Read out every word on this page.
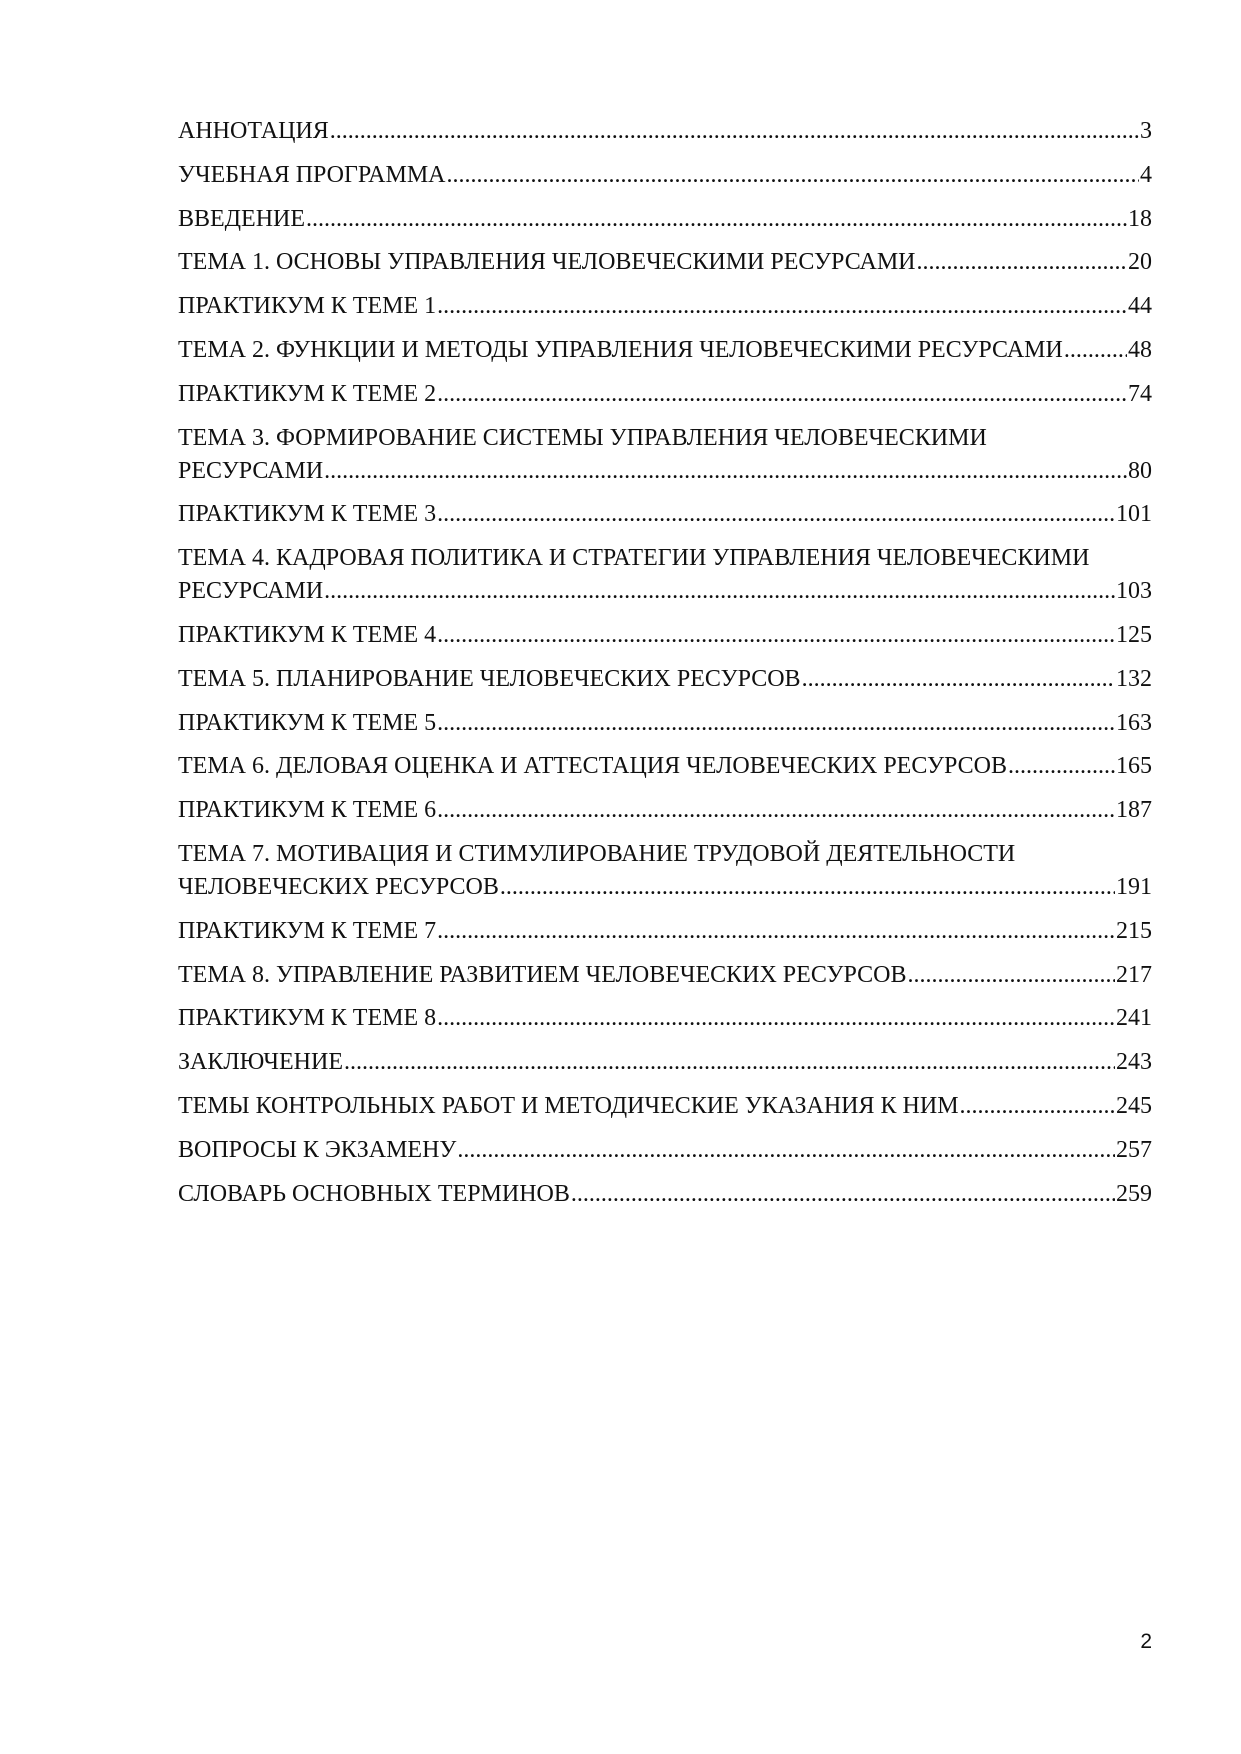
АННОТАЦИЯ .....	3
УЧЕБНАЯ ПРОГРАММА .....	4
ВВЕДЕНИЕ .....	18
ТЕМА 1. ОСНОВЫ УПРАВЛЕНИЯ ЧЕЛОВЕЧЕСКИМИ РЕСУРСАМИ .....	20
ПРАКТИКУМ К ТЕМЕ 1 .....	44
ТЕМА 2. ФУНКЦИИ И МЕТОДЫ УПРАВЛЕНИЯ ЧЕЛОВЕЧЕСКИМИ РЕСУРСАМИ .....	48
ПРАКТИКУМ К ТЕМЕ 2 .....	74
ТЕМА 3. ФОРМИРОВАНИЕ СИСТЕМЫ УПРАВЛЕНИЯ ЧЕЛОВЕЧЕСКИМИ
РЕСУРСАМИ .....	80
ПРАКТИКУМ К ТЕМЕ 3 .....	101
ТЕМА 4. КАДРОВАЯ ПОЛИТИКА И СТРАТЕГИИ УПРАВЛЕНИЯ ЧЕЛОВЕЧЕСКИМИ
РЕСУРСАМИ .....	103
ПРАКТИКУМ К ТЕМЕ 4 .....	125
ТЕМА 5. ПЛАНИРОВАНИЕ ЧЕЛОВЕЧЕСКИХ РЕСУРСОВ .....	132
ПРАКТИКУМ К ТЕМЕ 5 .....	163
ТЕМА 6. ДЕЛОВАЯ ОЦЕНКА И АТТЕСТАЦИЯ ЧЕЛОВЕЧЕСКИХ РЕСУРСОВ .....	165
ПРАКТИКУМ К ТЕМЕ 6 .....	187
ТЕМА 7. МОТИВАЦИЯ И СТИМУЛИРОВАНИЕ ТРУДОВОЙ ДЕЯТЕЛЬНОСТИ
ЧЕЛОВЕЧЕСКИХ РЕСУРСОВ .....	191
ПРАКТИКУМ К ТЕМЕ 7 .....	215
ТЕМА 8. УПРАВЛЕНИЕ РАЗВИТИЕМ ЧЕЛОВЕЧЕСКИХ РЕСУРСОВ .....	217
ПРАКТИКУМ К ТЕМЕ 8 .....	241
ЗАКЛЮЧЕНИЕ .....	243
ТЕМЫ КОНТРОЛЬНЫХ РАБОТ И МЕТОДИЧЕСКИЕ УКАЗАНИЯ К НИМ .....	245
ВОПРОСЫ К ЭКЗАМЕНУ .....	257
СЛОВАРЬ ОСНОВНЫХ ТЕРМИНОВ .....	259
2
